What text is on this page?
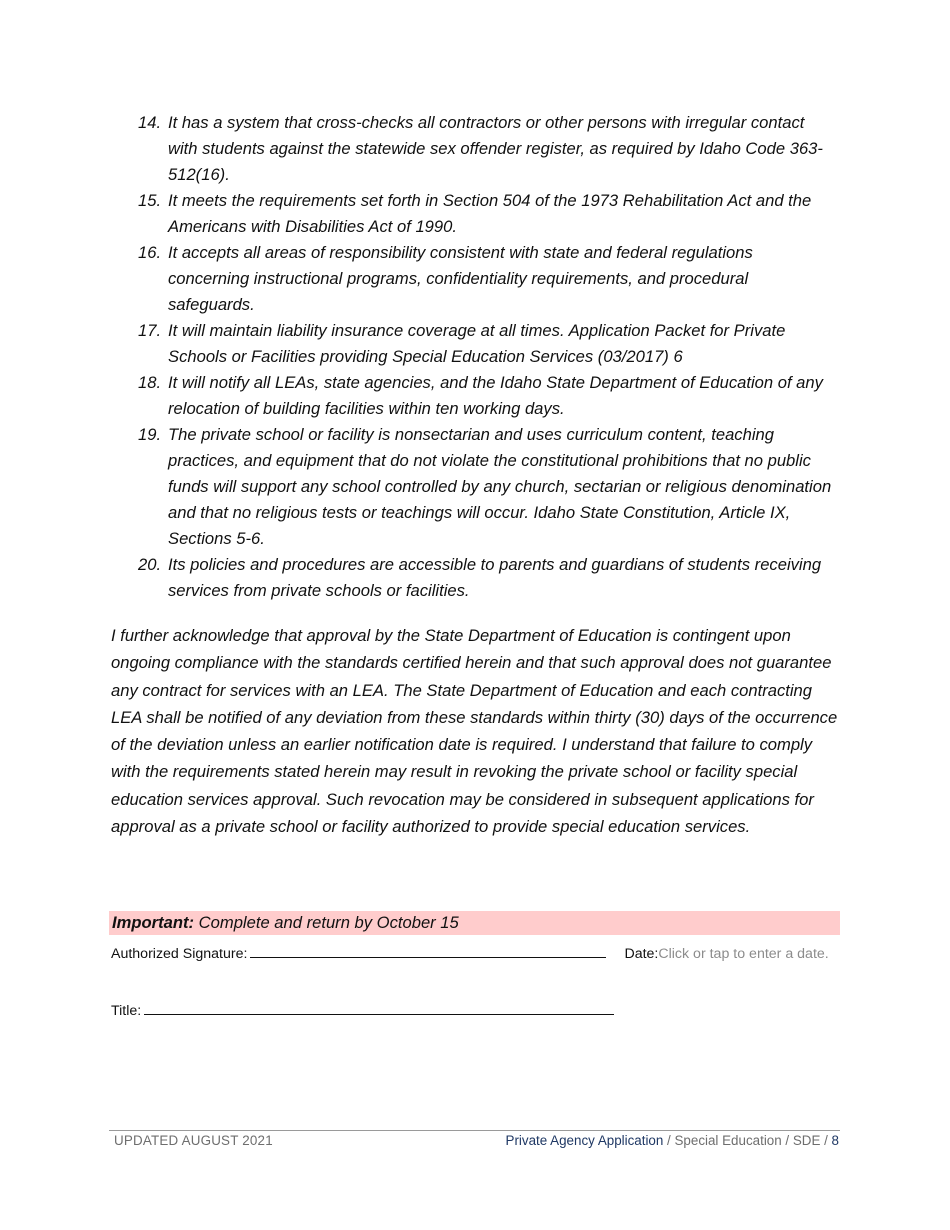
14. It has a system that cross-checks all contractors or other persons with irregular contact with students against the statewide sex offender register, as required by Idaho Code 363-512(16).
15. It meets the requirements set forth in Section 504 of the 1973 Rehabilitation Act and the Americans with Disabilities Act of 1990.
16. It accepts all areas of responsibility consistent with state and federal regulations concerning instructional programs, confidentiality requirements, and procedural safeguards.
17. It will maintain liability insurance coverage at all times. Application Packet for Private Schools or Facilities providing Special Education Services (03/2017) 6
18. It will notify all LEAs, state agencies, and the Idaho State Department of Education of any relocation of building facilities within ten working days.
19. The private school or facility is nonsectarian and uses curriculum content, teaching practices, and equipment that do not violate the constitutional prohibitions that no public funds will support any school controlled by any church, sectarian or religious denomination and that no religious tests or teachings will occur. Idaho State Constitution, Article IX, Sections 5-6.
20. Its policies and procedures are accessible to parents and guardians of students receiving services from private schools or facilities.

I further acknowledge that approval by the State Department of Education is contingent upon ongoing compliance with the standards certified herein and that such approval does not guarantee any contract for services with an LEA. The State Department of Education and each contracting LEA shall be notified of any deviation from these standards within thirty (30) days of the occurrence of the deviation unless an earlier notification date is required. I understand that failure to comply with the requirements stated herein may result in revoking the private school or facility special education services approval. Such revocation may be considered in subsequent applications for approval as a private school or facility authorized to provide special education services.

Important: Complete and return by October 15
Authorized Signature:	Date:Click or tap to enter a date.
Title:
UPDATED AUGUST 2021	Private Agency Application / Special Education / SDE / 8
